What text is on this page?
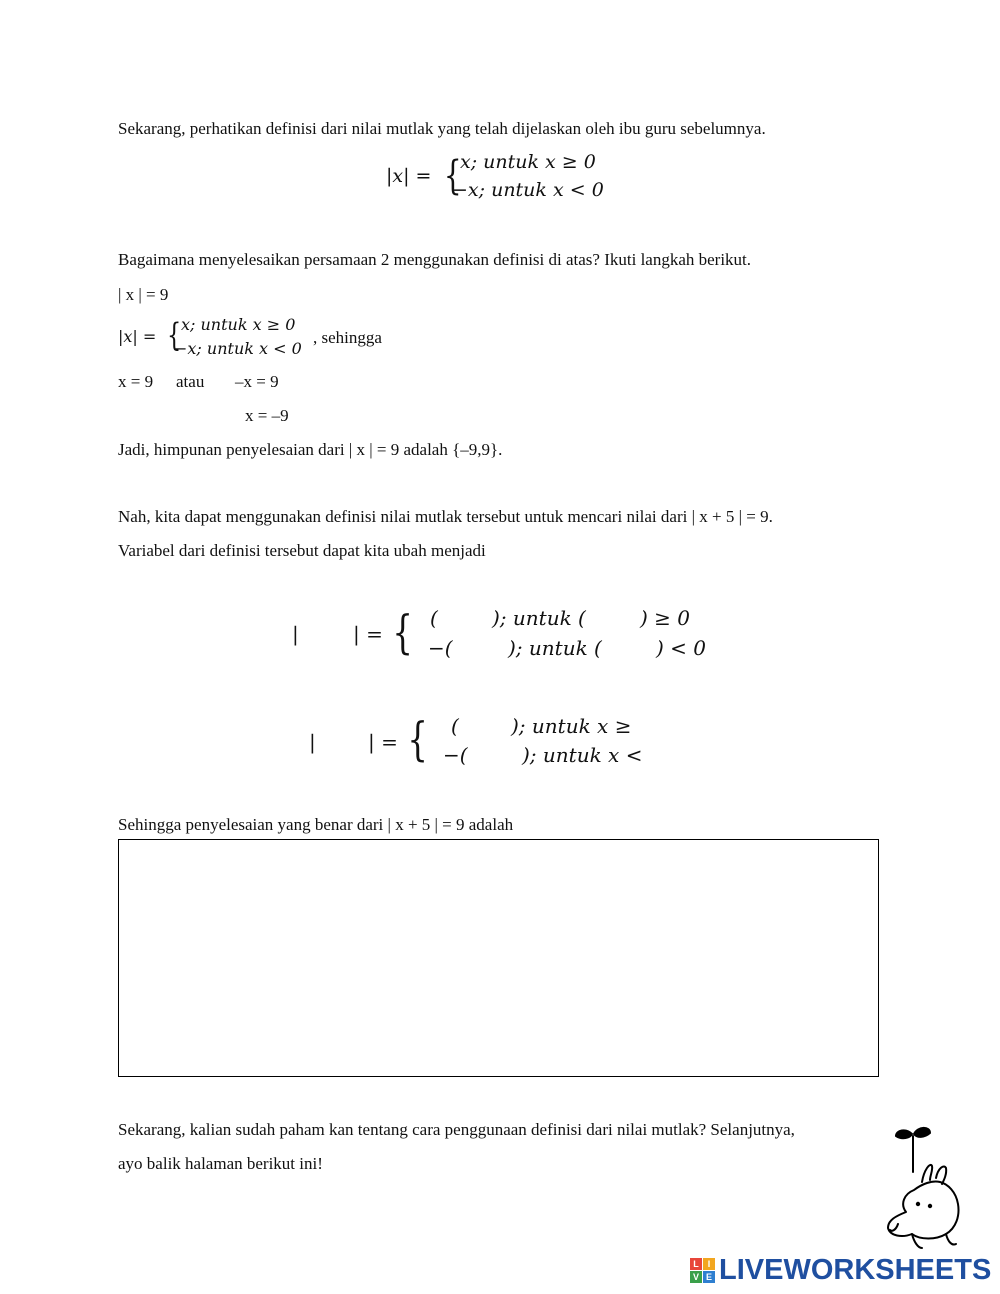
Sekarang, perhatikan definisi dari nilai mutlak yang telah dijelaskan oleh ibu guru sebelumnya.
|x| = {
x; untuk x ≥ 0
−x; untuk x < 0
Bagaimana menyelesaikan persamaan 2 menggunakan definisi di atas? Ikuti langkah berikut.
| x | = 9
|x| = { x; untuk x ≥ 0
−x; untuk x < 0
, sehingga
x = 9 atau –x = 9
x = –9
Jadi, himpunan penyelesaian dari | x | = 9 adalah {–9,9}.
Nah, kita dapat menggunakan definisi nilai mutlak tersebut untuk mencari nilai dari | x + 5 | = 9.
Variabel dari definisi tersebut dapat kita ubah menjadi
|	| = { (	); untuk (	) ≥ 0
−(	); untuk (	) < 0
|	| = { (	); untuk x ≥
−(	); untuk x <
Sehingga penyelesaian yang benar dari | x + 5 | = 9 adalah
Sekarang, kalian sudah paham kan tentang cara penggunaan definisi dari nilai mutlak? Selanjutnya,
ayo balik halaman berikut ini!
L I
V E LIVEWORKSHEETS
